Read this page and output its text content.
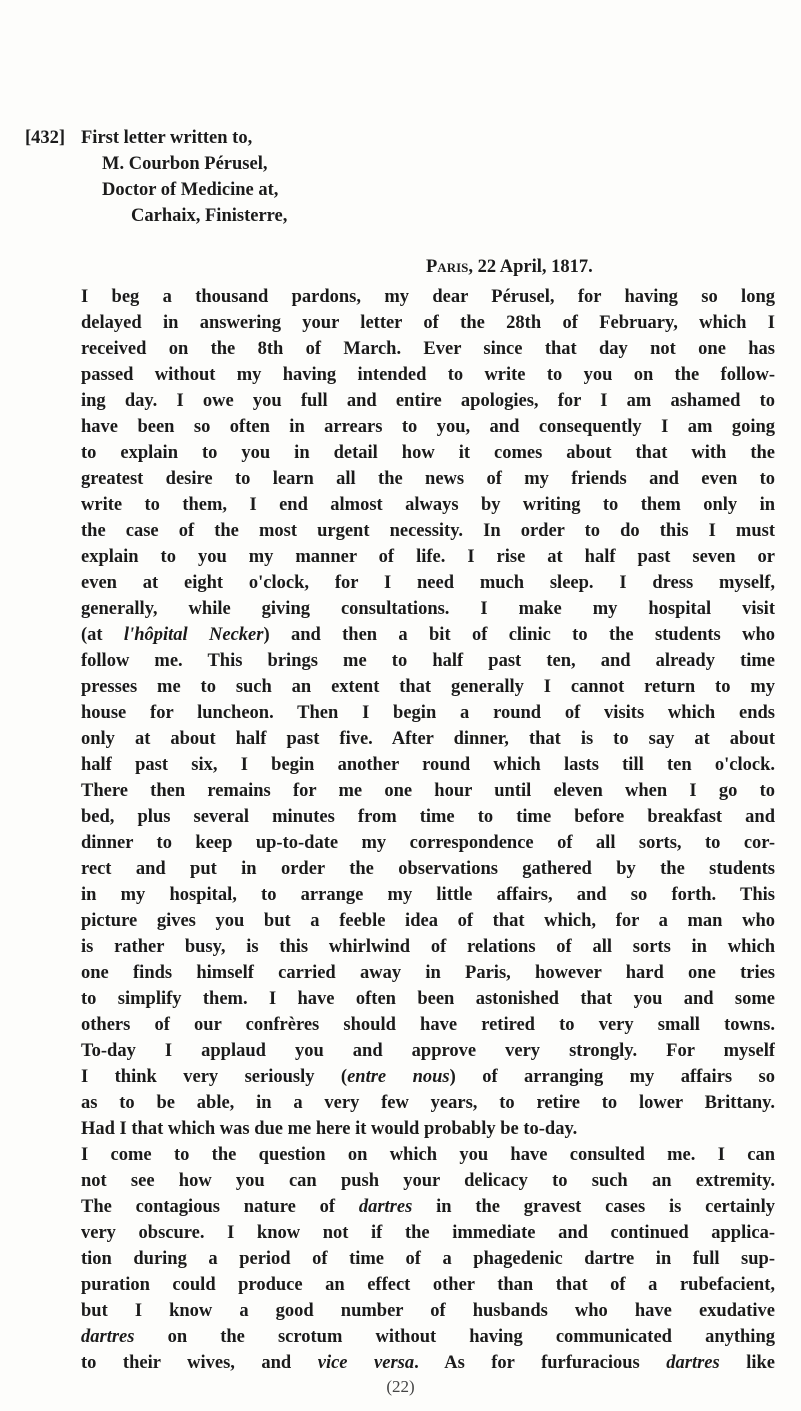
[432] First letter written to,
M. Courbon Pérusel,
Doctor of Medicine at,
Carhaix, Finisterre,
Paris, 22 April, 1817.
I beg a thousand pardons, my dear Pérusel, for having so long
delayed in answering your letter of the 28th of February, which I
received on the 8th of March. Ever since that day not one has
passed without my having intended to write to you on the follow-
ing day. I owe you full and entire apologies, for I am ashamed to
have been so often in arrears to you, and consequently I am going
to explain to you in detail how it comes about that with the
greatest desire to learn all the news of my friends and even to
write to them, I end almost always by writing to them only in
the case of the most urgent necessity. In order to do this I must
explain to you my manner of life. I rise at half past seven or
even at eight o'clock, for I need much sleep. I dress myself,
generally, while giving consultations. I make my hospital visit
(at l'hôpital Necker) and then a bit of clinic to the students who
follow me. This brings me to half past ten, and already time
presses me to such an extent that generally I cannot return to my
house for luncheon. Then I begin a round of visits which ends
only at about half past five. After dinner, that is to say at about
half past six, I begin another round which lasts till ten o'clock.
There then remains for me one hour until eleven when I go to
bed, plus several minutes from time to time before breakfast and
dinner to keep up-to-date my correspondence of all sorts, to cor-
rect and put in order the observations gathered by the students
in my hospital, to arrange my little affairs, and so forth. This
picture gives you but a feeble idea of that which, for a man who
is rather busy, is this whirlwind of relations of all sorts in which
one finds himself carried away in Paris, however hard one tries
to simplify them. I have often been astonished that you and some
others of our confrères should have retired to very small towns.
To-day I applaud you and approve very strongly. For myself
I think very seriously (entre nous) of arranging my affairs so
as to be able, in a very few years, to retire to lower Brittany.
Had I that which was due me here it would probably be to-day.
I come to the question on which you have consulted me. I can
not see how you can push your delicacy to such an extremity.
The contagious nature of dartres in the gravest cases is certainly
very obscure. I know not if the immediate and continued applica-
tion during a period of time of a phagedenic dartre in full sup-
puration could produce an effect other than that of a rubefacient,
but I know a good number of husbands who have exudative
dartres on the scrotum without having communicated anything
to their wives, and vice versa. As for furfuracious dartres like
(22)
